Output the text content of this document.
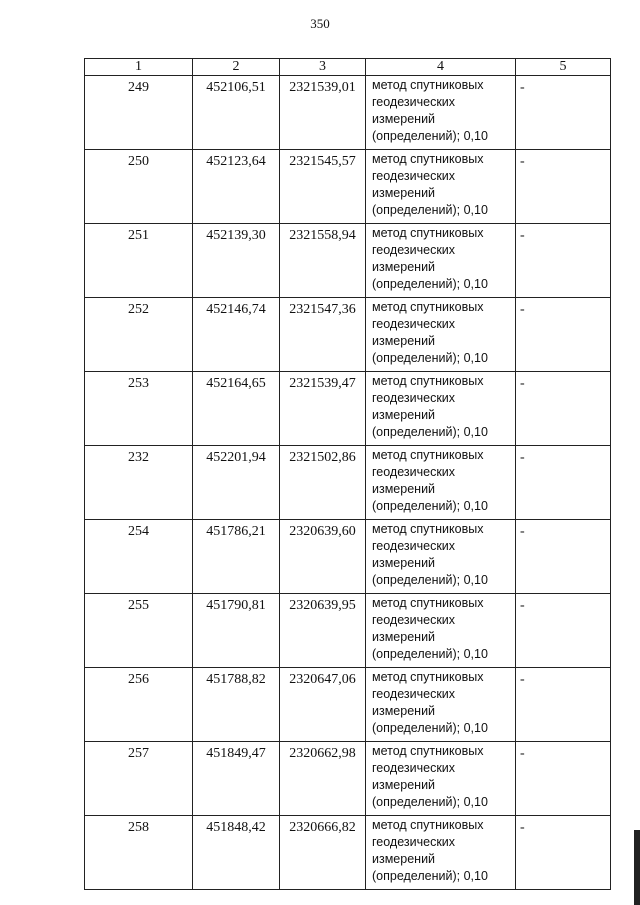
350
1	2	3	4	5
249	452106,51	2321539,01	метод спутниковых
геодезических
измерений
(определений); 0,10	-
250	452123,64	2321545,57	метод спутниковых
геодезических
измерений
(определений); 0,10	-
251	452139,30	2321558,94	метод спутниковых
геодезических
измерений
(определений); 0,10	-
252	452146,74	2321547,36	метод спутниковых
геодезических
измерений
(определений); 0,10	-
253	452164,65	2321539,47	метод спутниковых
геодезических
измерений
(определений); 0,10	-
232	452201,94	2321502,86	метод спутниковых
геодезических
измерений
(определений); 0,10	-
254	451786,21	2320639,60	метод спутниковых
геодезических
измерений
(определений); 0,10	-
255	451790,81	2320639,95	метод спутниковых
геодезических
измерений
(определений); 0,10	-
256	451788,82	2320647,06	метод спутниковых
геодезических
измерений
(определений); 0,10	-
257	451849,47	2320662,98	метод спутниковых
геодезических
измерений
(определений); 0,10	-
258	451848,42	2320666,82	метод спутниковых
геодезических
измерений
(определений); 0,10	-
